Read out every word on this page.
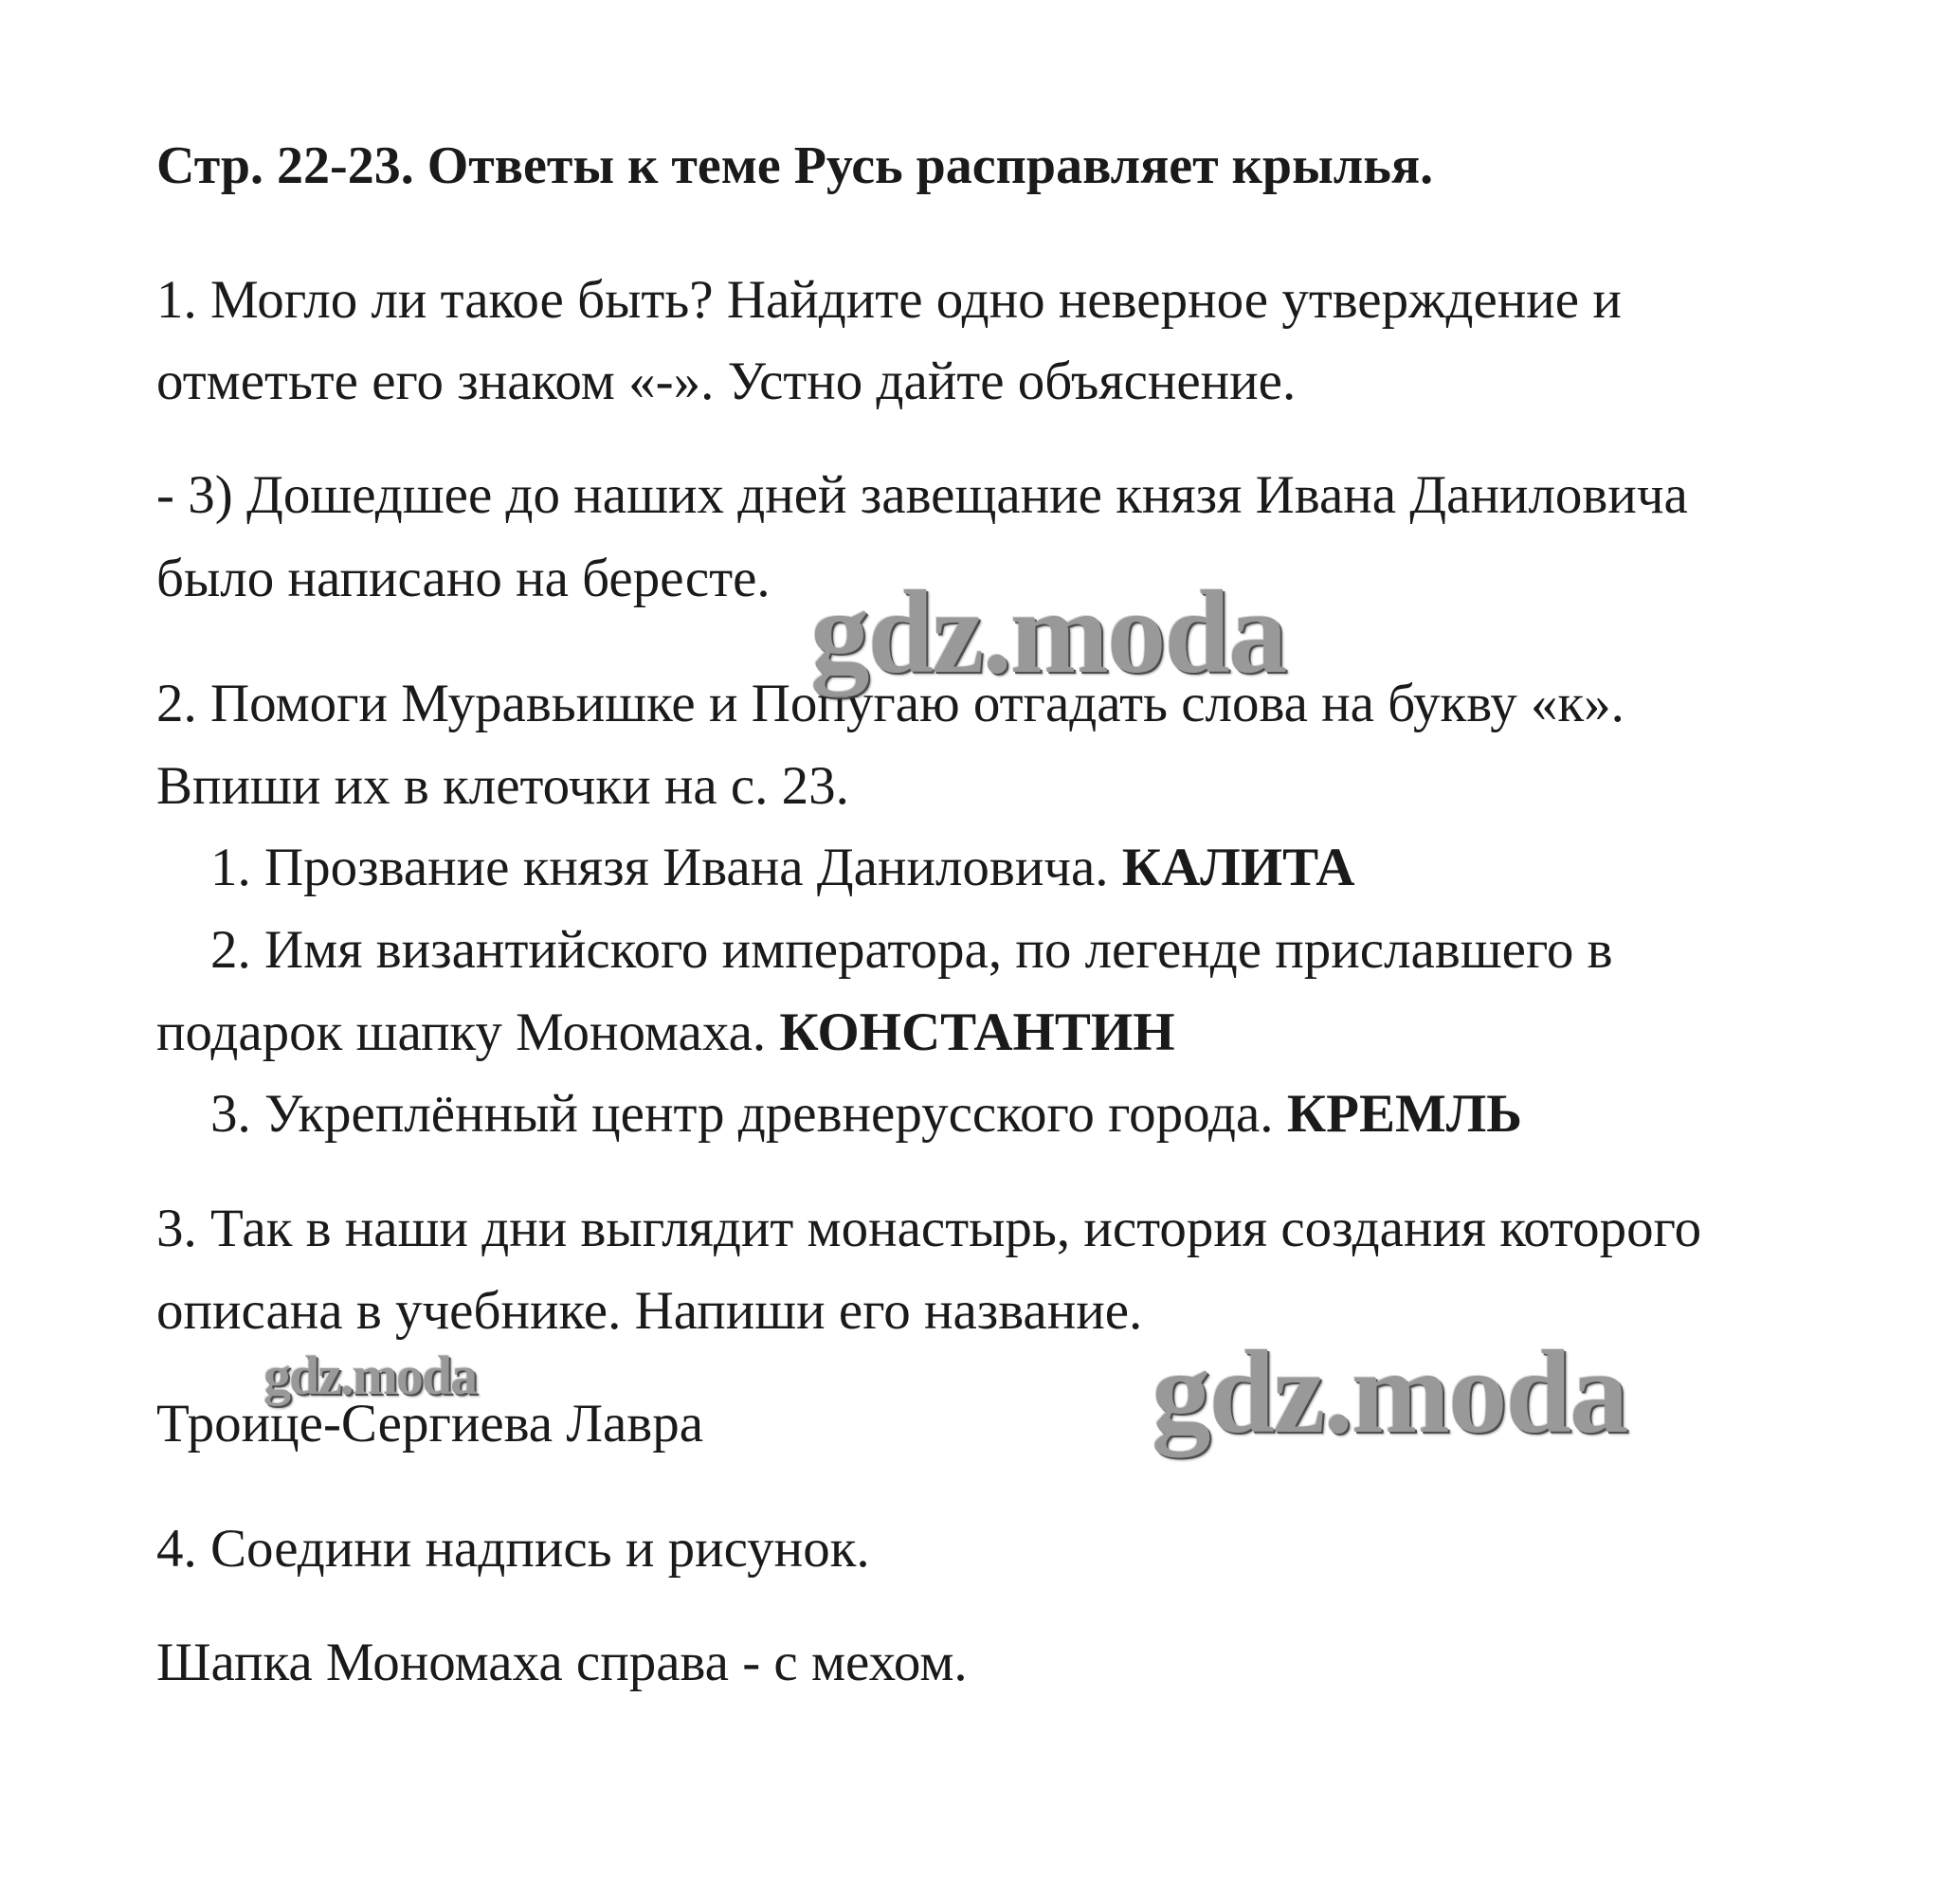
Стр. 22-23. Ответы к теме Русь расправляет крылья.

1. Могло ли такое быть? Найдите одно неверное утверждение и

отметьте его знаком «-». Устно дайте объяснение.

- 3) Дошедшее до наших дней завещание князя Ивана Даниловича

было написано на бересте.

2. Помоги Муравьишке и Попугаю отгадать слова на букву «к».

Впиши их в клеточки на с. 23.

1. Прозвание князя Ивана Даниловича. КАЛИТА

2. Имя византийского императора, по легенде приславшего в

подарок шапку Мономаха. КОНСТАНТИН

3. Укреплённый центр древнерусского города. КРЕМЛЬ

3. Так в наши дни выглядит монастырь, история создания которого

описана в учебнике. Напиши его название.

Троице-Сергиева Лавра

4. Соедини надпись и рисунок.

Шапка Мономаха справа - с мехом.

gdz.moda
gdz.moda	gdz.moda
